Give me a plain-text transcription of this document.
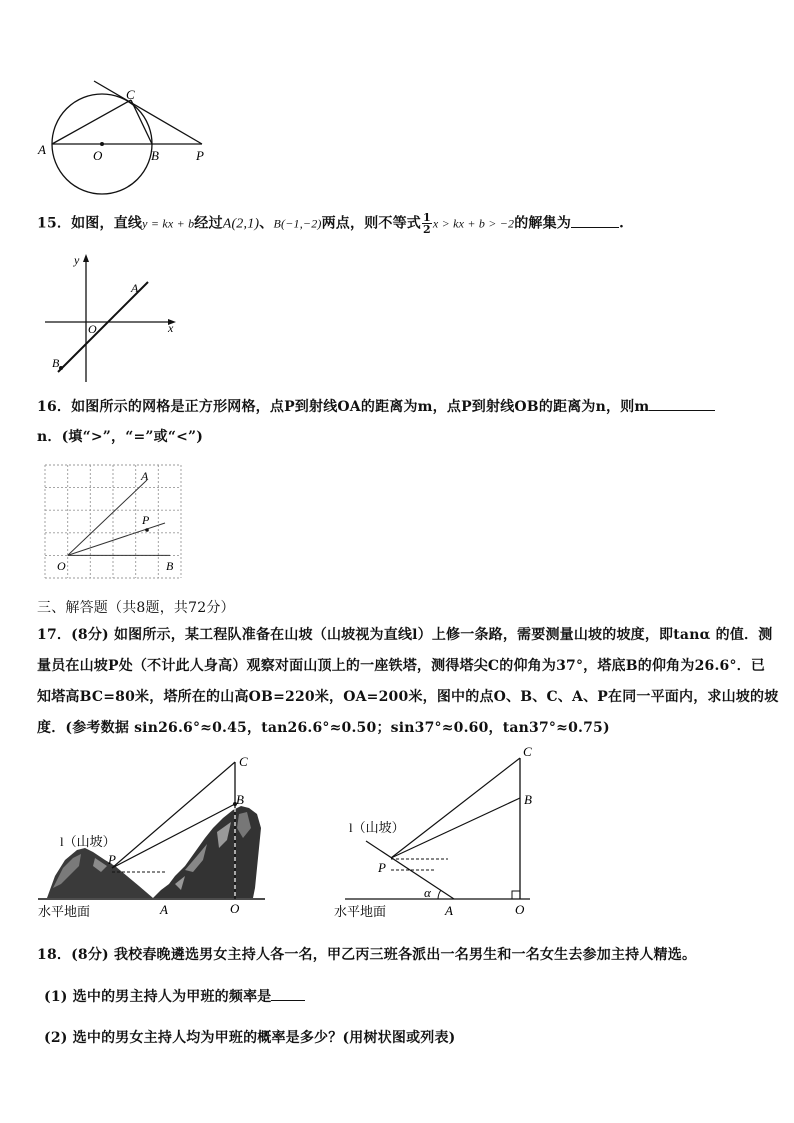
A	O	B	P
C
15．如图，直线y = kx + b经过A(2,1)、B(−1,−2)两点，则不等式 $\frac{1}{2}$ x > kx + b > −2的解集为	.
y
x
O
A
B
16．如图所示的网格是正方形网格，点P到射线OA的距离为m，点P到射线OB的距离为n，则m
n．(填“>”，“=”或“<”)
A
P
O	B
三、解答题（共8题，共72分）
17．(8分) 如图所示，某工程队准备在山坡（山坡视为直线l）上修一条路，需要测量山坡的坡度，即tanα 的值．测
量员在山坡P处（不计此人身高）观察对面山顶上的一座铁塔，测得塔尖C的仰角为37°，塔底B的仰角为26.6°．已
知塔高BC=80米，塔所在的山高OB=220米，OA=200米，图中的点O、B、C、A、P在同一平面内，求山坡的坡
度．(参考数据 sin26.6°≈0.45，tan26.6°≈0.50；sin37°≈0.60，tan37°≈0.75)
C
B
P
A	O
l（山坡）
水平地面
C
B
P
α
A	O
l（山坡）
水平地面
18．(8分) 我校春晚遴选男女主持人各一名，甲乙丙三班各派出一名男生和一名女生去参加主持人精选。
(1) 选中的男主持人为甲班的频率是
(2) 选中的男女主持人均为甲班的概率是多少？(用树状图或列表)
